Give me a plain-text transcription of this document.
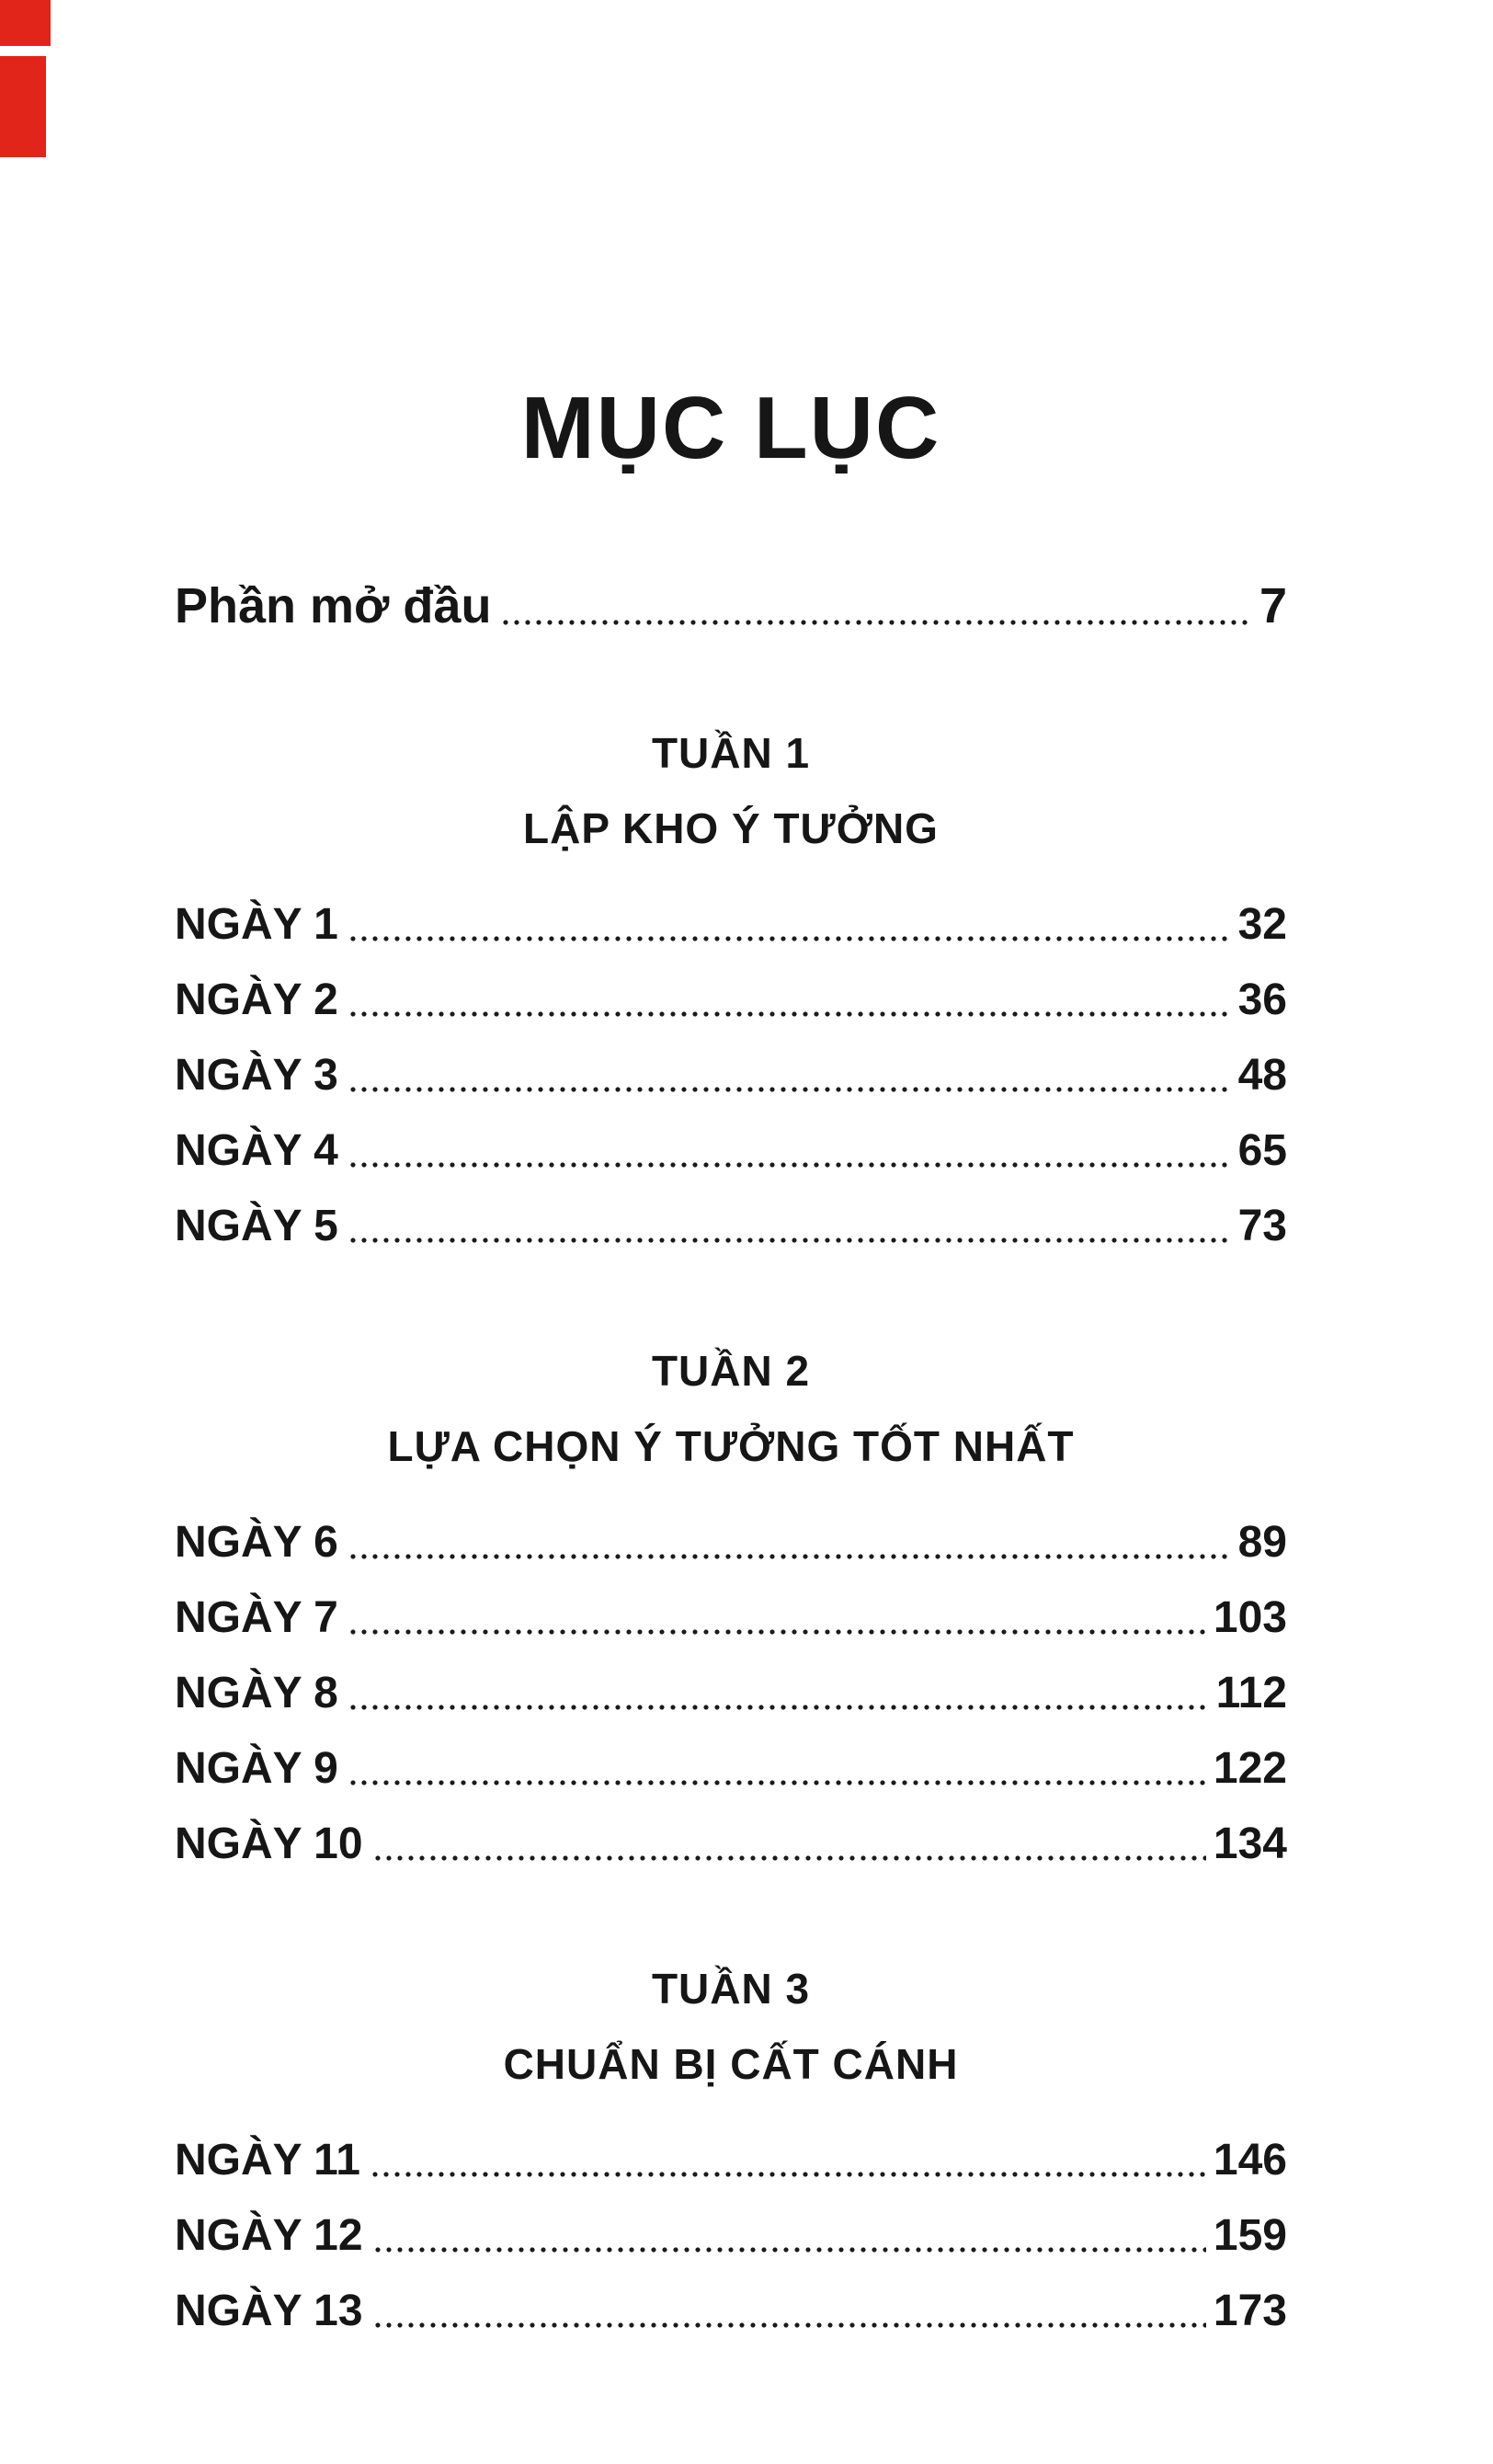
MỤC LỤC
Phần mở đầu	7
TUẦN 1
LẬP KHO Ý TƯỞNG
NGÀY 1	32
NGÀY 2	36
NGÀY 3	48
NGÀY 4	65
NGÀY 5	73
TUẦN 2
LỰA CHỌN Ý TƯỞNG TỐT NHẤT
NGÀY 6	89
NGÀY 7	103
NGÀY 8	112
NGÀY 9	122
NGÀY 10	134
TUẦN 3
CHUẨN BỊ CẤT CÁNH
NGÀY 11	146
NGÀY 12	159
NGÀY 13	173
